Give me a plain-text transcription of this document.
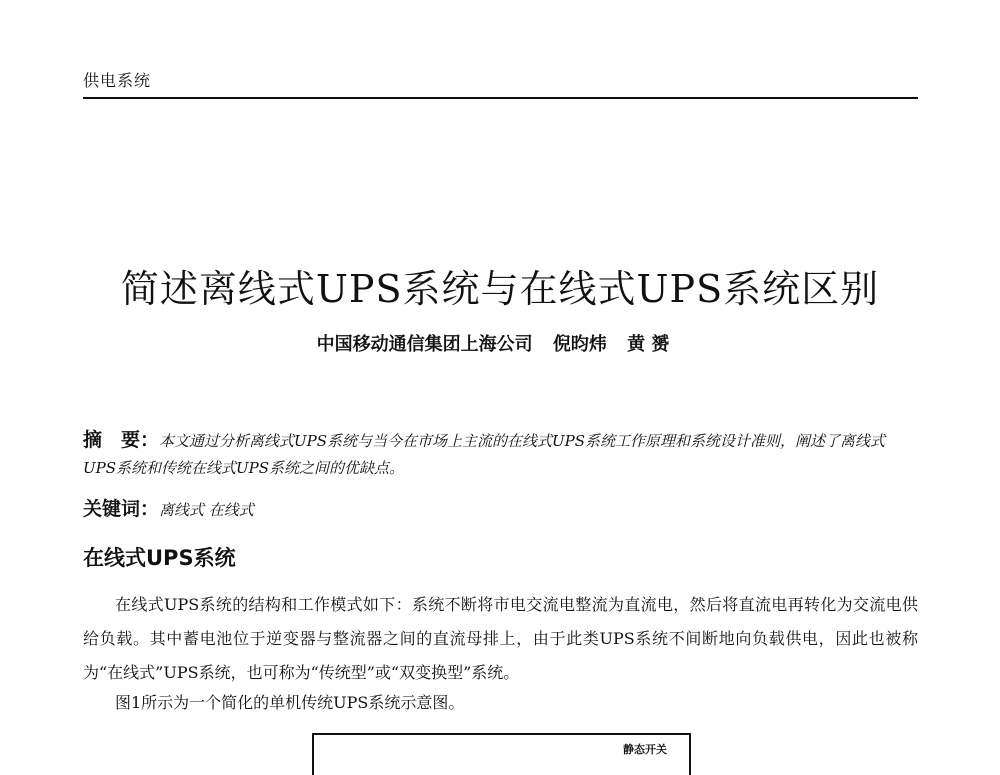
供电系统
简述离线式UPS系统与在线式UPS系统区别
中国移动通信集团上海公司 倪昀炜 黄 赟
摘　要：本文通过分析离线式UPS系统与当今在市场上主流的在线式UPS系统工作原理和系统设计准则，阐述了离线式UPS系统和传统在线式UPS系统之间的优缺点。
关键词：离线式 在线式
在线式UPS系统
在线式UPS系统的结构和工作模式如下：系统不断将市电交流电整流为直流电，然后将直流电再转化为交流电供给负载。其中蓄电池位于逆变器与整流器之间的直流母排上，由于此类UPS系统不间断地向负载供电，因此也被称为“在线式”UPS系统，也可称为“传统型”或“双变换型”系统。
图1所示为一个简化的单机传统UPS系统示意图。
静态开关
